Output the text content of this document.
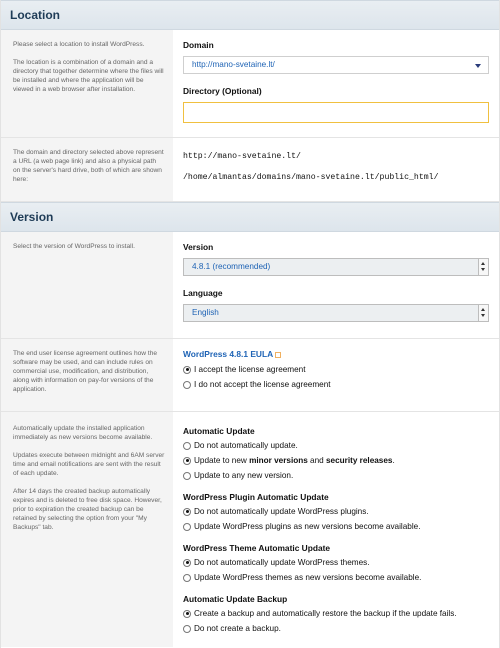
Location

Please select a location to install WordPress.

The location is a combination of a domain and a directory that together determine where the files will be installed and where the application will be viewed in a web browser after installation.

Domain
http://mano-svetaine.lt/
Directory (Optional)

The domain and directory selected above represent a URL (a web page link) and also a physical path on the server's hard drive, both of which are shown here:

http://mano-svetaine.lt/
/home/almantas/domains/mano-svetaine.lt/public_html/
Version

Select the version of WordPress to install.	Version
4.8.1 (recommended)
Language
English

The end user license agreement outlines how the software may be used, and can include rules on commercial use, modification, and distribution, along with information on pay-for versions of the application.

WordPress 4.8.1 EULA
I accept the license agreement
I do not accept the license agreement

Automatically update the installed application immediately as new versions become available.

Updates execute between midnight and 6AM server time and email notifications are sent with the result of each update.

After 14 days the created backup automatically expires and is deleted to free disk space. However, prior to expiration the created backup can be retained by selecting the option from your "My Backups" tab.

Automatic Update
Do not automatically update.
Update to new minor versions and security releases.
Update to any new version.
WordPress Plugin Automatic Update
Do not automatically update WordPress plugins.
Update WordPress plugins as new versions become available.
WordPress Theme Automatic Update
Do not automatically update WordPress themes.
Update WordPress themes as new versions become available.
Automatic Update Backup
Create a backup and automatically restore the backup if the update fails.
Do not create a backup.
